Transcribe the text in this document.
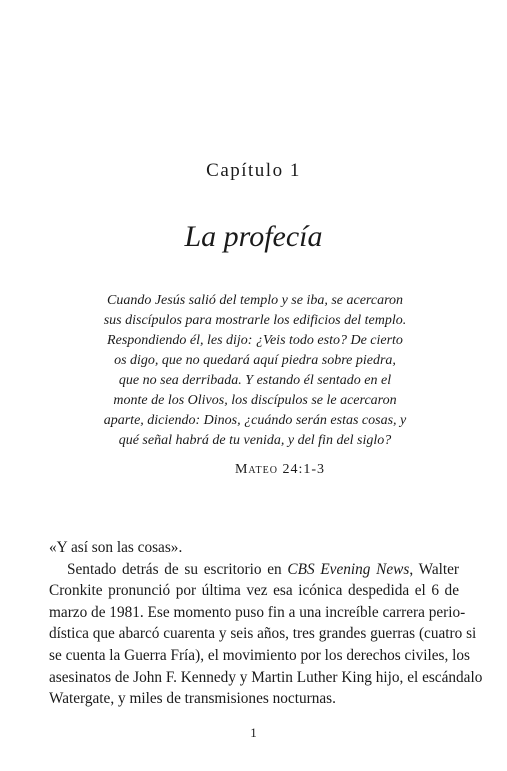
Capítulo 1
La profecía
Cuando Jesús salió del templo y se iba, se acercaron
sus discípulos para mostrarle los edificios del templo.
Respondiendo él, les dijo: ¿Veis todo esto? De cierto
os digo, que no quedará aquí piedra sobre piedra,
que no sea derribada. Y estando él sentado en el
monte de los Olivos, los discípulos se le acercaron
aparte, diciendo: Dinos, ¿cuándo serán estas cosas, y
qué señal habrá de tu venida, y del fin del siglo?
Mateo 24:1-3
«Y así son las cosas».
Sentado detrás de su escritorio en CBS Evening News, Walter
Cronkite pronunció por última vez esa icónica despedida el 6 de
marzo de 1981. Ese momento puso fin a una increíble carrera perio-
dística que abarcó cuarenta y seis años, tres grandes guerras (cuatro si
se cuenta la Guerra Fría), el movimiento por los derechos civiles, los
asesinatos de John F. Kennedy y Martin Luther King hijo, el escándalo
Watergate, y miles de transmisiones nocturnas.
1
